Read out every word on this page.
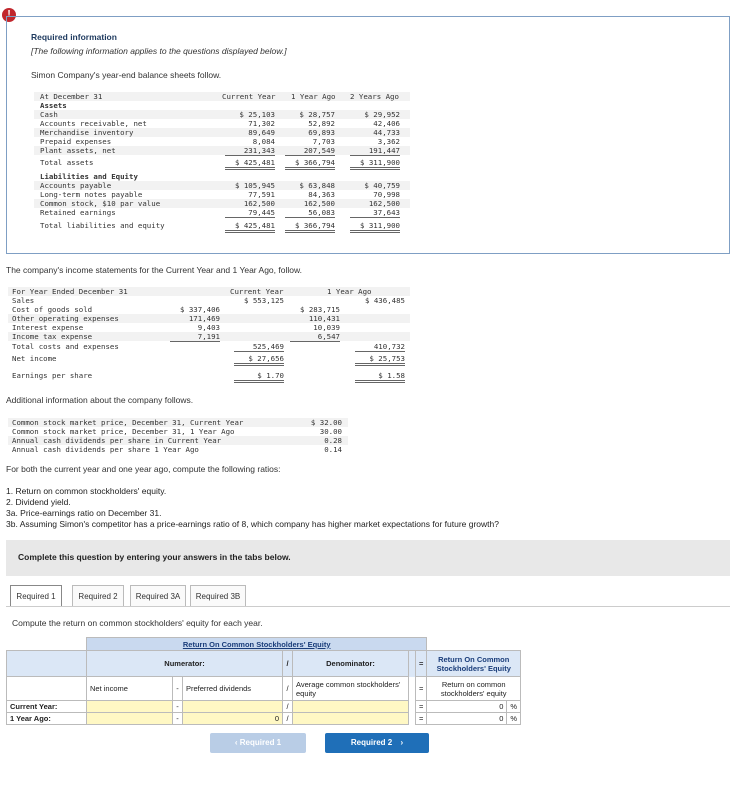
!
Required information
[The following information applies to the questions displayed below.]
Simon Company's year-end balance sheets follow.
At December 31	Current Year 1 Year Ago 2 Years Ago
Assets
Cash	$ 25,103	$ 28,757	$ 29,952
Accounts receivable, net	71,302	52,892	42,406
Merchandise inventory	89,649	69,893	44,733
Prepaid expenses	8,084	7,703	3,362
Plant assets, net	231,343	207,549	191,447
Total assets	$ 425,481	$ 366,794	$ 311,900
Liabilities and Equity
Accounts payable	$ 105,945	$ 63,848	$ 40,759
Long-term notes payable	77,591	84,363	70,998
Common stock, $10 par value	162,500	162,500	162,500
Retained earnings	79,445	56,083	37,643
Total liabilities and equity	$ 425,481	$ 366,794	$ 311,900
The company's income statements for the Current Year and 1 Year Ago, follow.
For Year Ended December 31	Current Year	1 Year Ago
Sales	$ 553,125	$ 436,485
Cost of goods sold	$ 337,406	$ 283,715
Other operating expenses	171,469	110,431
Interest expense	9,403	10,039
Income tax expense	7,191	6,547
Total costs and expenses	525,469	410,732
Net income	$ 27,656	$ 25,753
Earnings per share	$ 1.70	$ 1.58
Additional information about the company follows.
Common stock market price, December 31, Current Year	$ 32.00
Common stock market price, December 31, 1 Year Ago	30.00
Annual cash dividends per share in Current Year	0.28
Annual cash dividends per share 1 Year Ago	0.14
For both the current year and one year ago, compute the following ratios:
1. Return on common stockholders' equity.
2. Dividend yield.
3a. Price-earnings ratio on December 31.
3b. Assuming Simon's competitor has a price-earnings ratio of 8, which company has higher market expectations for future growth?
Complete this question by entering your answers in the tabs below.
Required 1	Required 2	Required 3A	Required 3B
Compute the return on common stockholders' equity for each year.
	Return On Common Stockholders' Equity								
	Numerator:			/	Denominator:		=	Return On Common Stockholders' Equity	
	Net income	-	Preferred dividends	/	Average common stockholders' equity		=	Return on common stockholders' equity	
Current Year:		-		/			=	0	%
1 Year Ago:		-	0	/			=	0	%
‹ Required 1	Required 2 ›
